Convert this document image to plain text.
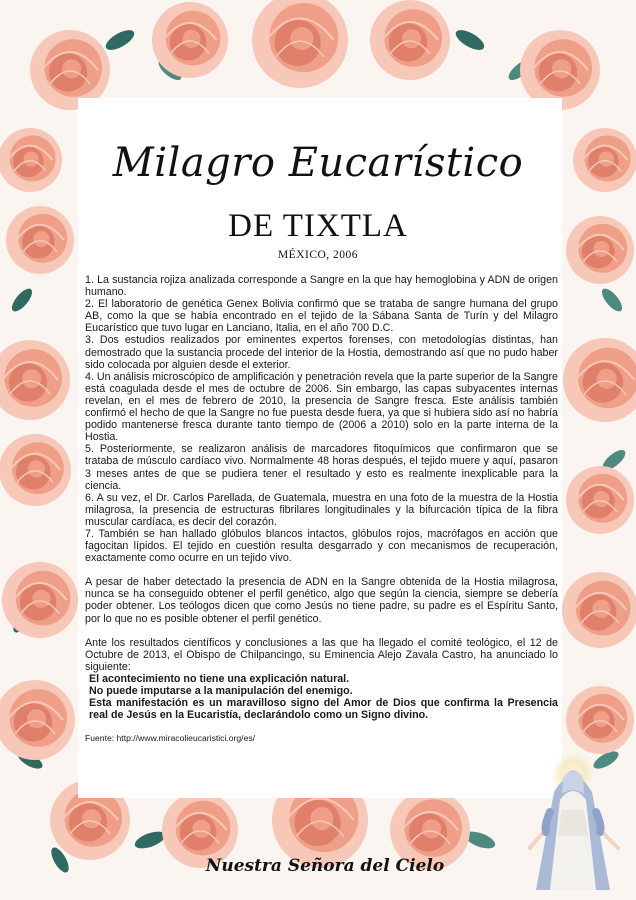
Milagro Eucarístico
DE TIXTLA
MÉXICO, 2006

1. La sustancia rojiza analizada corresponde a Sangre en la que hay hemoglobina y ADN de origen humano.

2. El laboratorio de genética Genex Bolivia confirmó que se trataba de sangre humana del grupo AB, como la que se había encontrado en el tejido de la Sábana Santa de Turín y del Milagro Eucarístico que tuvo lugar en Lanciano, Italia, en el año 700 D.C.

3. Dos estudios realizados por eminentes expertos forenses, con metodologías distintas, han demostrado que la sustancia procede del interior de la Hostia, demostrando así que no pudo haber sido colocada por alguien desde el exterior.

4. Un análisis microscópico de amplificación y penetración revela que la parte superior de la Sangre está coagulada desde el mes de octubre de 2006. Sin embargo, las capas subyacentes internas revelan, en el mes de febrero de 2010, la presencia de Sangre fresca. Este análisis también confirmó el hecho de que la Sangre no fue puesta desde fuera, ya que si hubiera sido así no habría podido mantenerse fresca durante tanto tiempo de (2006 a 2010) solo en la parte interna de la Hostia.

5. Posteriormente, se realizaron análisis de marcadores fitoquímicos que confirmaron que se trataba de músculo cardíaco vivo. Normalmente 48 horas después, el tejido muere y aquí, pasaron 3 meses antes de que se pudiera tener el resultado y esto es realmente inexplicable para la ciencia.

6. A su vez, el Dr. Carlos Parellada, de Guatemala, muestra en una foto de la muestra de la Hostia milagrosa, la presencia de estructuras fibrilares longitudinales y la bifurcación típica de la fibra muscular cardíaca, es decir del corazón.

7. También se han hallado glóbulos blancos intactos, glóbulos rojos, macrófagos en acción que fagocitan lípidos. El tejido en cuestión resulta desgarrado y con mecanismos de recuperación, exactamente como ocurre en un tejido vivo.

A pesar de haber detectado la presencia de ADN en la Sangre obtenida de la Hostia milagrosa, nunca se ha conseguido obtener el perfil genético, algo que según la ciencia, siempre se debería poder obtener. Los teólogos dicen que como Jesús no tiene padre, su padre es el Espíritu Santo, por lo que no es posible obtener el perfil genético.

Ante los resultados científicos y conclusiones a las que ha llegado el comité teológico, el 12 de Octubre de 2013, el Obispo de Chilpancingo, su Eminencia Alejo Zavala Castro, ha anunciado lo siguiente:

El acontecimiento no tiene una explicación natural.

No puede imputarse a la manipulación del enemigo.

Esta manifestación es un maravilloso signo del Amor de Dios que confirma la Presencia real de Jesús en la Eucaristía, declarándolo como un Signo divino.

Fuente: http://www.miracolieucaristici.org/es/

Nuestra Señora del Cielo
